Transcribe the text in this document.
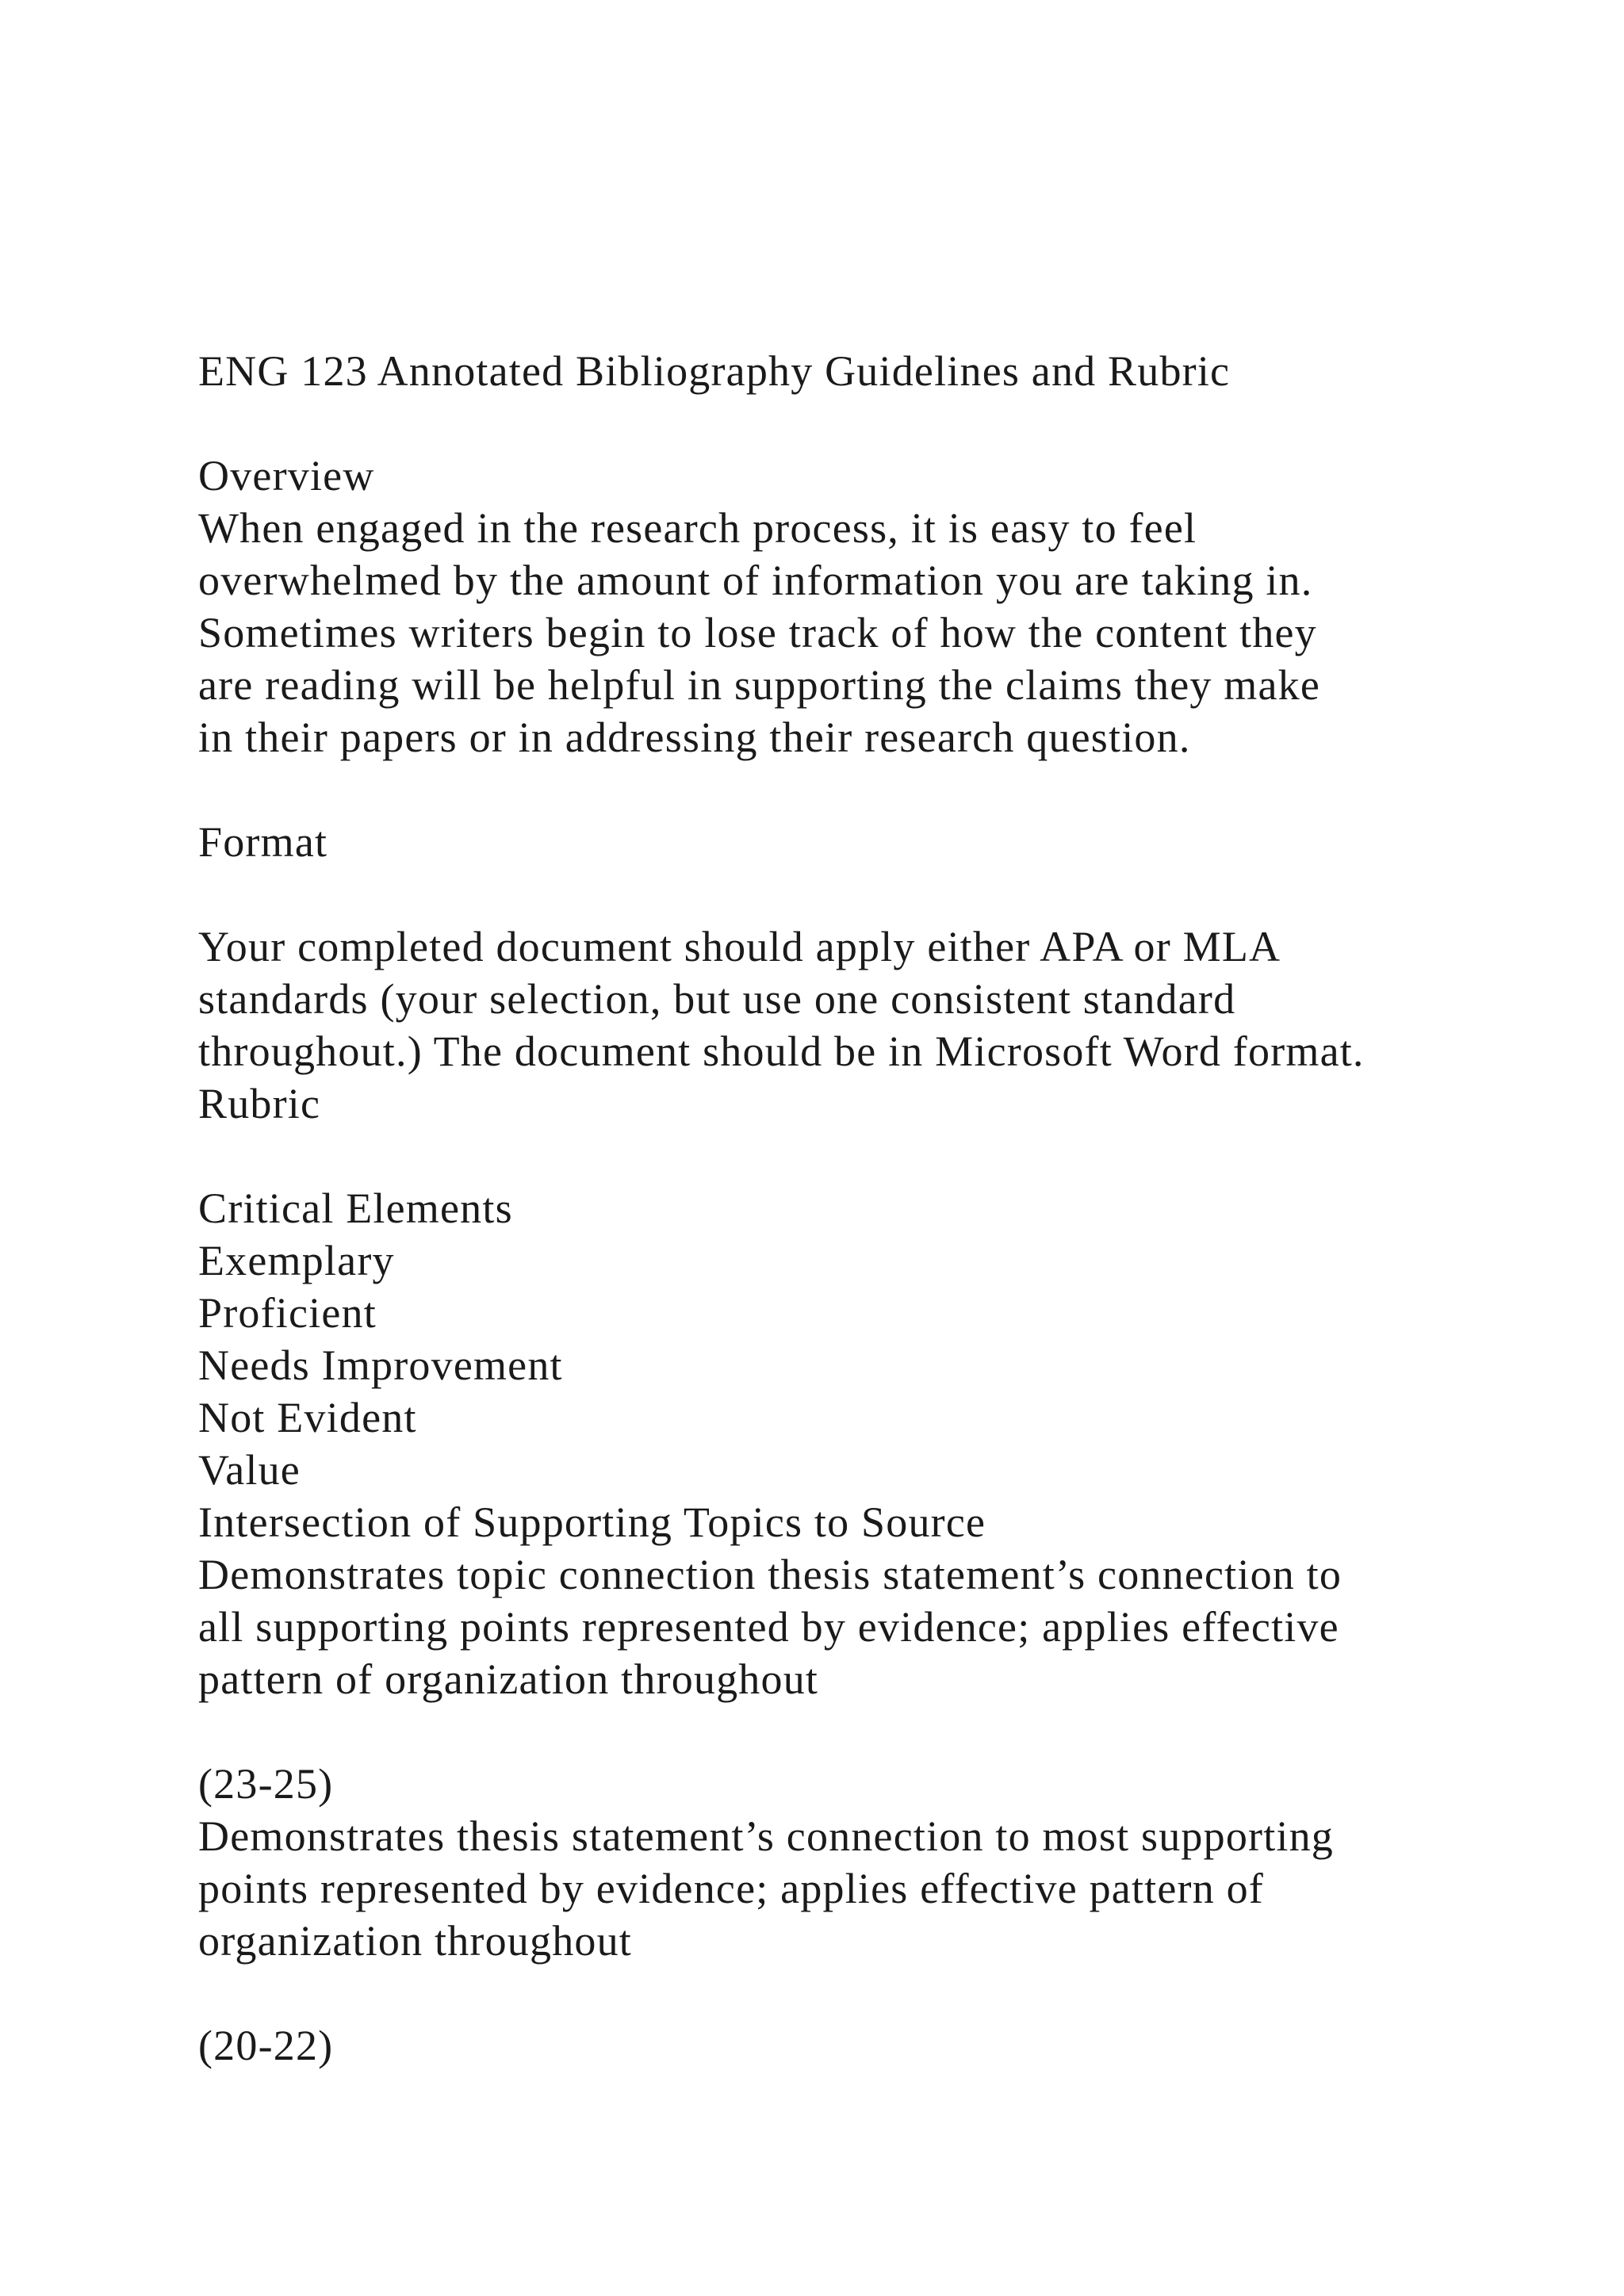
ENG 123 Annotated Bibliography Guidelines and Rubric
Overview
When engaged in the research process, it is easy to feel
overwhelmed by the amount of information you are taking in.
Sometimes writers begin to lose track of how the content they
are reading will be helpful in supporting the claims they make
in their papers or in addressing their research question.
Format
Your completed document should apply either APA or MLA
standards (your selection, but use one consistent standard
throughout.) The document should be in Microsoft Word format.
Rubric
Critical Elements
Exemplary
Proficient
Needs Improvement
Not Evident
Value
Intersection of Supporting Topics to Source
Demonstrates topic connection thesis statement’s connection to
all supporting points represented by evidence; applies effective
pattern of organization throughout
(23-25)
Demonstrates thesis statement’s connection to most supporting
points represented by evidence; applies effective pattern of
organization throughout
(20-22)
